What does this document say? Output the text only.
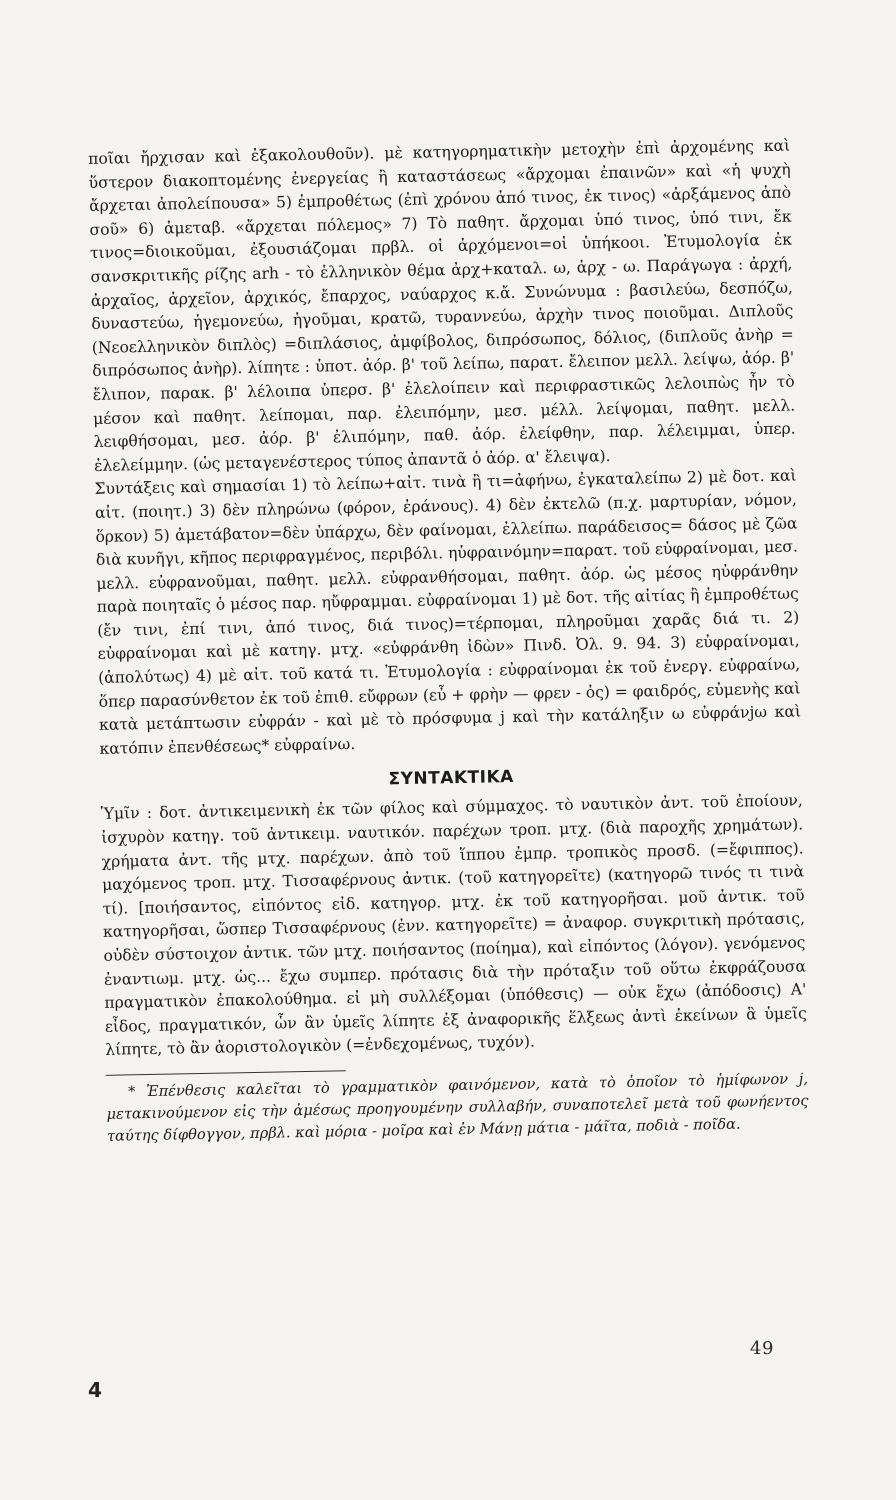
ποῖαι ἤρχισαν καὶ ἐξακολουθοῦν). μὲ κατηγορηματικὴν μετοχὴν ἐπὶ ἀρχομένης καὶ ὕστερον διακοπτομένης ἐνεργείας ἢ καταστάσεως «ἄρχομαι ἐπαινῶν» καὶ «ἡ ψυχὴ ἄρχεται ἀπολείπουσα» 5) ἐμπροθέτως (ἐπὶ χρόνου ἀπό τινος, ἐκ τινος) «ἀρξάμενος ἀπὸ σοῦ» 6) ἀμεταβ. «ἄρχεται πόλεμος» 7) Τὸ παθητ. ἄρχομαι ὑπό τινος, ὑπό τινι, ἔκ τινος=διοικοῦμαι, ἐξουσιάζομαι πρβλ. οἱ ἀρχόμενοι=οἱ ὑπήκοοι. Ἐτυμολογία ἐκ σανσκριτικῆς ρίζης arh - τὸ ἑλληνικὸν θέμα ἀρχ+καταλ. ω, ἀρχ - ω. Παράγωγα : ἀρχή, ἀρχαῖος, ἀρχεῖον, ἀρχικός, ἔπαρχος, ναύαρχος κ.ἄ. Συνώνυμα : βασιλεύω, δεσπόζω, δυναστεύω, ἡγεμονεύω, ἡγοῦμαι, κρατῶ, τυραννεύω, ἀρχὴν τινος ποιοῦμαι. Διπλοῦς (Νεοελληνικὸν διπλὸς) =διπλάσιος, ἀμφίβολος, διπρόσωπος, δόλιος, (διπλοῦς ἀνὴρ = διπρόσωπος ἀνὴρ). λίπητε : ὑποτ. ἀόρ. β' τοῦ λείπω, παρατ. ἔλειπον μελλ. λείψω, ἀόρ. β' ἔλιπον, παρακ. β' λέλοιπα ὑπερσ. β' ἐλελοίπειν καὶ περιφραστικῶς λελοιπὼς ἦν τὸ μέσον καὶ παθητ. λείπομαι, παρ. ἐλειπόμην, μεσ. μέλλ. λείψομαι, παθητ. μελλ. λειφθήσομαι, μεσ. ἀόρ. β' ἐλιπόμην, παθ. ἀόρ. ἐλείφθην, παρ. λέλειμμαι, ὑπερ. ἐλελείμμην. (ὡς μεταγενέστερος τύπος ἀπαντᾶ ὁ ἀόρ. α' ἔλειψα).

Συντάξεις καὶ σημασίαι 1) τὸ λείπω+αἰτ. τινὰ ἢ τι=ἀφήνω, ἐγκαταλείπω 2) μὲ δοτ. καὶ αἰτ. (ποιητ.) 3) δὲν πληρώνω (φόρον, ἐράνους). 4) δὲν ἐκτελῶ (π.χ. μαρτυρίαν, νόμον, ὅρκον) 5) ἀμετάβατον=δὲν ὑπάρχω, δὲν φαίνομαι, ἐλλείπω. παράδεισος= δάσος μὲ ζῶα διὰ κυνῆγι, κῆπος περιφραγμένος, περιβόλι. ηὑφραινόμην=παρατ. τοῦ εὐφραίνομαι, μεσ. μελλ. εὐφρανοῦμαι, παθητ. μελλ. εὐφρανθήσομαι, παθητ. ἀόρ. ὡς μέσος ηὐφράνθην παρὰ ποιηταῖς ὁ μέσος παρ. ηὔφραμμαι. εὐφραίνομαι 1) μὲ δοτ. τῆς αἰτίας ἢ ἐμπροθέτως (ἔν τινι, ἐπί τινι, ἀπό τινος, διά τινος)=τέρπομαι, πληροῦμαι χαρᾶς διά τι. 2) εὐφραίνομαι καὶ μὲ κατηγ. μτχ. «εὐφράνθη ἰδὼν» Πινδ. Ὀλ. 9. 94. 3) εὐφραίνομαι, (ἀπολύτως) 4) μὲ αἰτ. τοῦ κατά τι. Ἐτυμολογία : εὐφραίνομαι ἐκ τοῦ ἐνεργ. εὐφραίνω, ὅπερ παρασύνθετον ἐκ τοῦ ἐπιθ. εὔφρων (εὖ + φρὴν — φρεν - ὀς) = φαιδρός, εὐμενὴς καὶ κατὰ μετάπτωσιν εὐφράν - καὶ μὲ τὸ πρόσφυμα j καὶ τὴν κατάληξιν ω εὐφράνjω καὶ κατόπιν ἐπενθέσεως* εὐφραίνω.

ΣΥΝΤΑΚΤΙΚΑ

Ὑμῖν : δοτ. ἀντικειμενικὴ ἐκ τῶν φίλος καὶ σύμμαχος. τὸ ναυτικὸν ἀντ. τοῦ ἐποίουν, ἰσχυρὸν κατηγ. τοῦ ἀντικειμ. ναυτικόν. παρέχων τροπ. μτχ. (διὰ παροχῆς χρημάτων). χρήματα ἀντ. τῆς μτχ. παρέχων. ἀπὸ τοῦ ἵππου ἐμπρ. τροπικὸς προσδ. (=ἔφιππος). μαχόμενος τροπ. μτχ. Τισσαφέρνους ἀντικ. (τοῦ κατηγορεῖτε) (κατηγορῶ τινός τι τινὰ τί). [ποιήσαντος, εἰπόντος εἰδ. κατηγορ. μτχ. ἐκ τοῦ κατηγορῆσαι. μοῦ ἀντικ. τοῦ κατηγορῆσαι, ὥσπερ Τισσαφέρνους (ἐνν. κατηγορεῖτε) = ἀναφορ. συγκριτικὴ πρότασις, οὐδὲν σύστοιχον ἀντικ. τῶν μτχ. ποιήσαντος (ποίημα), καὶ εἰπόντος (λόγον). γενόμενος ἐναντιωμ. μτχ. ὡς... ἔχω συμπερ. πρότασις διὰ τὴν πρόταξιν τοῦ οὕτω ἐκφράζουσα πραγματικὸν ἐπακολούθημα. εἰ μὴ συλλέξομαι (ὑπόθεσις) — οὐκ ἔχω (ἀπόδοσις) Α' εἶδος, πραγματικόν, ὧν ἂν ὑμεῖς λίπητε ἐξ ἀναφορικῆς ἕλξεως ἀντὶ ἐκείνων ἃ ὑμεῖς λίπητε, τὸ ἂν ἀοριστολογικὸν (=ἐνδεχομένως, τυχόν).

* Ἐπένθεσις καλεῖται τὸ γραμματικὸν φαινόμενον, κατὰ τὸ ὁποῖον τὸ ἡμίφωνον j, μετακινούμενον εἰς τὴν ἀμέσως προηγουμένην συλλαβήν, συναποτελεῖ μετὰ τοῦ φωνήεντος ταύτης δίφθογγον, πρβλ. καὶ μόρια - μοῖρα καὶ ἐν Μάνῃ μάτια - μάῖτα, ποδιὰ - ποῖδα.

49
4
